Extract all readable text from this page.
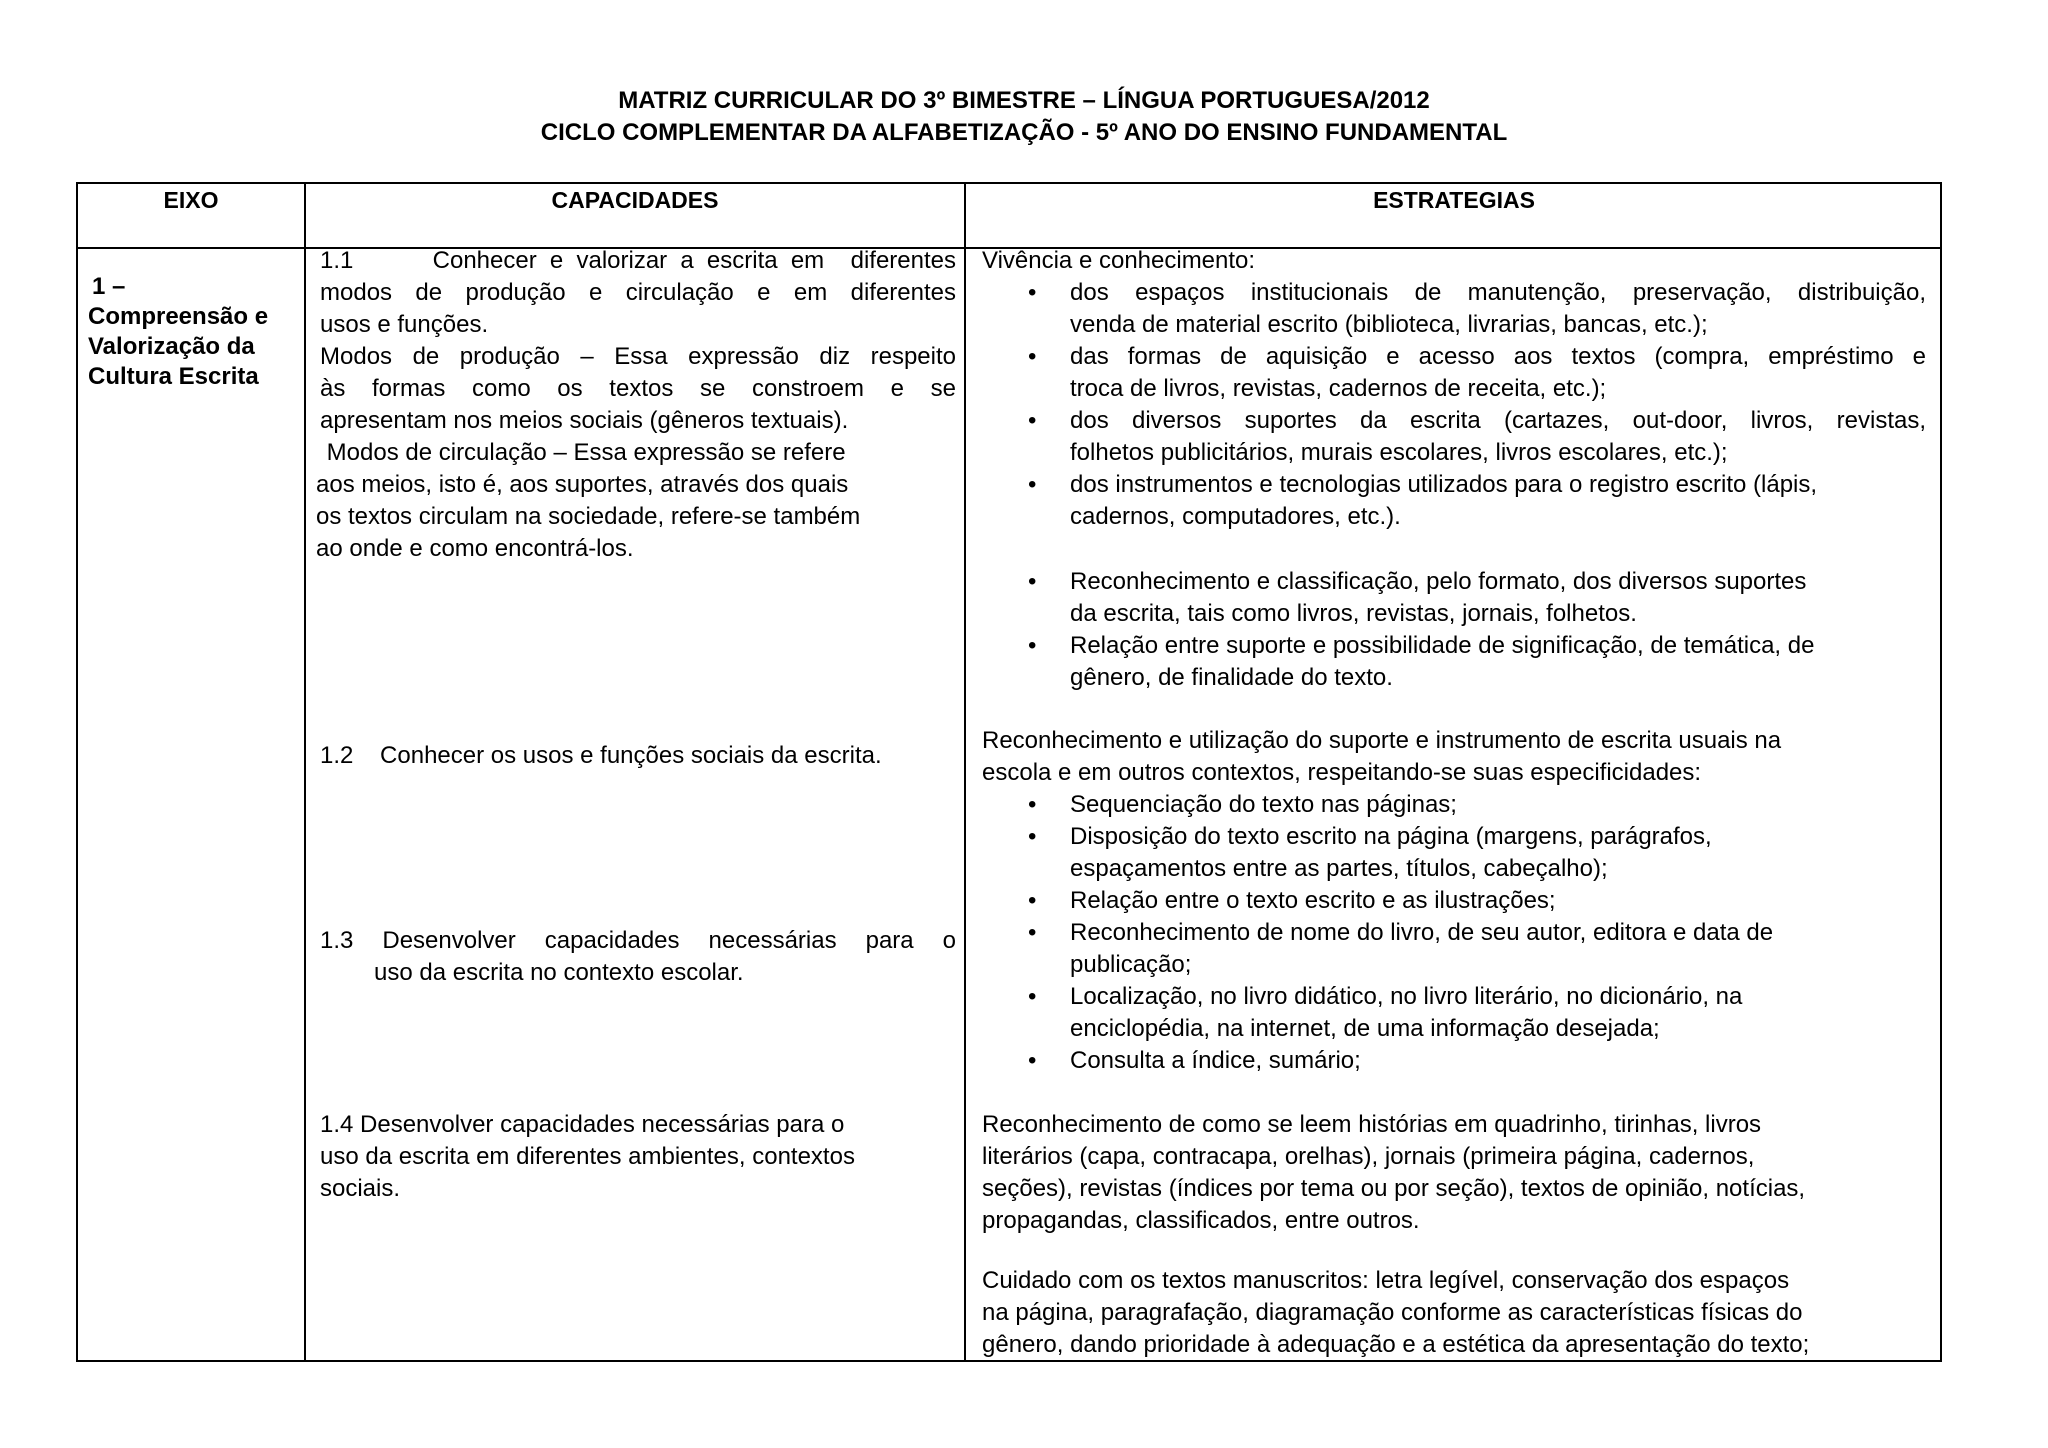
MATRIZ CURRICULAR DO 3º BIMESTRE – LÍNGUA PORTUGUESA/2012
CICLO COMPLEMENTAR DA ALFABETIZAÇÃO - 5º ANO DO ENSINO FUNDAMENTAL
EIXO	CAPACIDADES	ESTRATEGIAS
1 –
Compreensão e
Valorização da
Cultura Escrita
1.1      Conhecer e valorizar a escrita em  diferentes
modos de produção e circulação e em diferentes
usos e funções.
Modos de produção – Essa expressão diz respeito
às formas como os textos se constroem e se
apresentam nos meios sociais (gêneros textuais).
Modos de circulação – Essa expressão se refere
aos meios, isto é, aos suportes, através dos quais
os textos circulam na sociedade, refere-se também
ao onde e como encontrá-los.
1.2    Conhecer os usos e funções sociais da escrita.
1.3 Desenvolver capacidades necessárias para o
uso da escrita no contexto escolar.
1.4 Desenvolver capacidades necessárias para o
uso da escrita em diferentes ambientes, contextos
sociais.

Vivência e conhecimento:

• dos espaços institucionais de manutenção, preservação, distribuição,
venda de material escrito (biblioteca, livrarias, bancas, etc.);
• das formas de aquisição e acesso aos textos (compra, empréstimo e
troca de livros, revistas, cadernos de receita, etc.);
• dos diversos suportes da escrita (cartazes, out-door, livros, revistas,
folhetos publicitários, murais escolares, livros escolares, etc.);
• dos instrumentos e tecnologias utilizados para o registro escrito (lápis,
cadernos, computadores, etc.).
• Reconhecimento e classificação, pelo formato, dos diversos suportes
da escrita, tais como livros, revistas, jornais, folhetos.
• Relação entre suporte e possibilidade de significação, de temática, de
gênero, de finalidade do texto.

Reconhecimento e utilização do suporte e instrumento de escrita usuais na

escola e em outros contextos, respeitando-se suas especificidades:

• Sequenciação do texto nas páginas;
• Disposição do texto escrito na página (margens, parágrafos,
espaçamentos entre as partes, títulos, cabeçalho);
• Relação entre o texto escrito e as ilustrações;
• Reconhecimento de nome do livro, de seu autor, editora e data de
publicação;
• Localização, no livro didático, no livro literário, no dicionário, na
enciclopédia, na internet, de uma informação desejada;
• Consulta a índice, sumário;
Reconhecimento de como se leem histórias em quadrinho, tirinhas, livros
literários (capa, contracapa, orelhas), jornais (primeira página, cadernos,
seções), revistas (índices por tema ou por seção), textos de opinião, notícias,
propagandas, classificados, entre outros.
Cuidado com os textos manuscritos: letra legível, conservação dos espaços
na página, paragrafação, diagramação conforme as características físicas do
gênero, dando prioridade à adequação e a estética da apresentação do texto;
